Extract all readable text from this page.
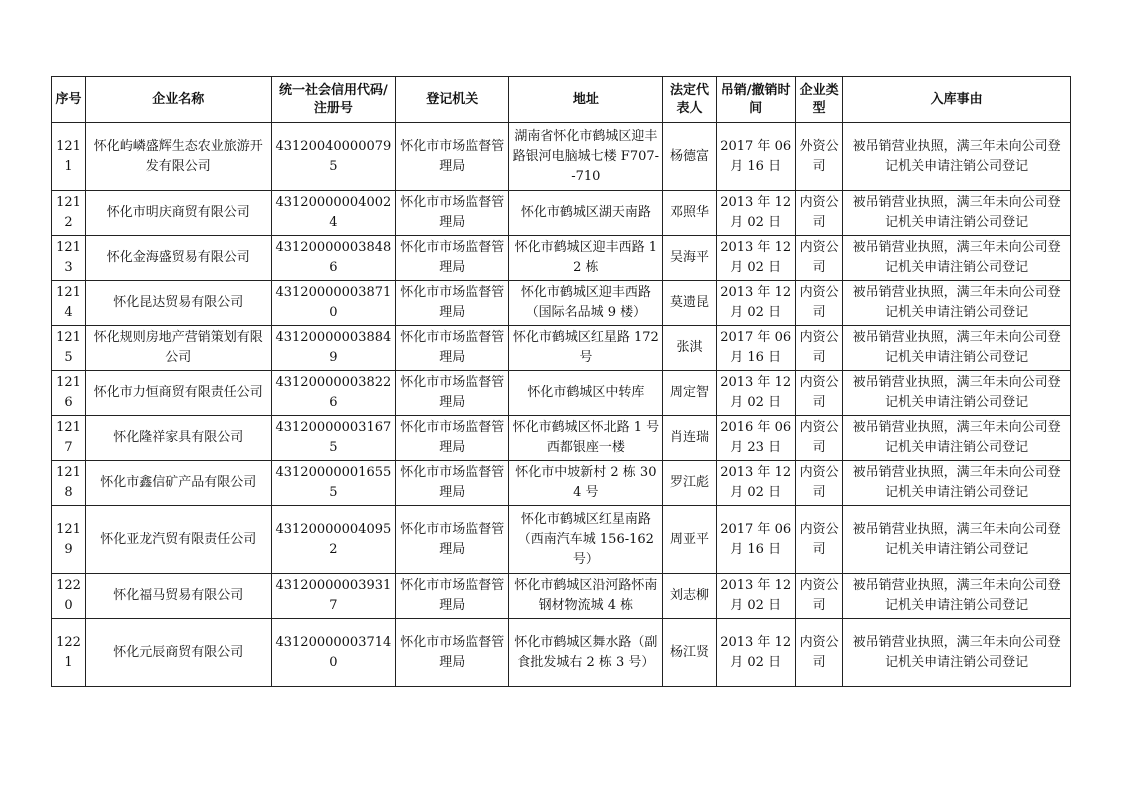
序号	企业名称	统一社会信用代码/注册号	登记机关	地址	法定代表人	吊销/撤销时间	企业类型	入库事由
1211	怀化屿嶙盛辉生态农业旅游开发有限公司	431200400000795	怀化市市场监督管理局	湖南省怀化市鹤城区迎丰路银河电脑城七楼 F707--710	杨德富	2017 年 06 月 16 日	外资公司	被吊销营业执照，满三年未向公司登记机关申请注销公司登记
1212	怀化市明庆商贸有限公司	431200000040024	怀化市市场监督管理局	怀化市鹤城区湖天南路	邓照华	2013 年 12 月 02 日	内资公司	被吊销营业执照，满三年未向公司登记机关申请注销公司登记
1213	怀化金海盛贸易有限公司	431200000038486	怀化市市场监督管理局	怀化市鹤城区迎丰西路 12 栋	吴海平	2013 年 12 月 02 日	内资公司	被吊销营业执照，满三年未向公司登记机关申请注销公司登记
1214	怀化昆达贸易有限公司	431200000038710	怀化市市场监督管理局	怀化市鹤城区迎丰西路（国际名品城 9 楼）	莫遗昆	2013 年 12 月 02 日	内资公司	被吊销营业执照，满三年未向公司登记机关申请注销公司登记
1215	怀化规则房地产营销策划有限公司	431200000038849	怀化市市场监督管理局	怀化市鹤城区红星路 172 号	张淇	2017 年 06 月 16 日	内资公司	被吊销营业执照，满三年未向公司登记机关申请注销公司登记
1216	怀化市力恒商贸有限责任公司	431200000038226	怀化市市场监督管理局	怀化市鹤城区中转库	周定智	2013 年 12 月 02 日	内资公司	被吊销营业执照，满三年未向公司登记机关申请注销公司登记
1217	怀化隆祥家具有限公司	431200000031675	怀化市市场监督管理局	怀化市鹤城区怀北路 1 号西都银座一楼	肖连瑞	2016 年 06 月 23 日	内资公司	被吊销营业执照，满三年未向公司登记机关申请注销公司登记
1218	怀化市鑫信矿产品有限公司	431200000016555	怀化市市场监督管理局	怀化市中坡新村 2 栋 304 号	罗江彪	2013 年 12 月 02 日	内资公司	被吊销营业执照，满三年未向公司登记机关申请注销公司登记
1219	怀化亚龙汽贸有限责任公司	431200000040952	怀化市市场监督管理局	怀化市鹤城区红星南路（西南汽车城 156-162 号）	周亚平	2017 年 06 月 16 日	内资公司	被吊销营业执照，满三年未向公司登记机关申请注销公司登记
1220	怀化福马贸易有限公司	431200000039317	怀化市市场监督管理局	怀化市鹤城区沿河路怀南钢材物流城 4 栋	刘志柳	2013 年 12 月 02 日	内资公司	被吊销营业执照，满三年未向公司登记机关申请注销公司登记
1221	怀化元辰商贸有限公司	431200000037140	怀化市市场监督管理局	怀化市鹤城区舞水路（副食批发城右 2 栋 3 号）	杨江贤	2013 年 12 月 02 日	内资公司	被吊销营业执照，满三年未向公司登记机关申请注销公司登记
